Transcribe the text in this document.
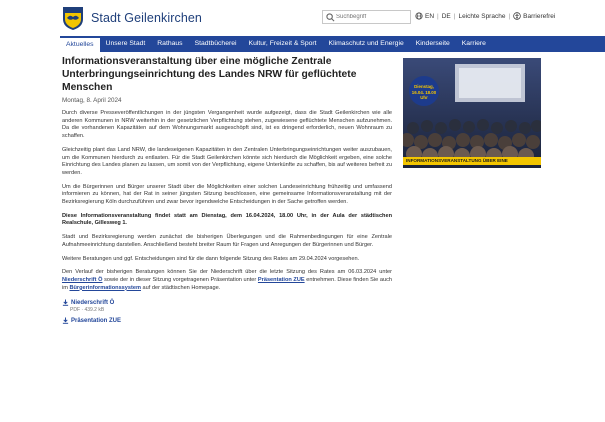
Stadt Geilenkirchen
Suchbegriff	EN | DE | Leichte Sprache | Barrierefrei
Aktuelles	Unsere Stadt	Rathaus	Stadtbücherei	Kultur, Freizeit & Sport	Klimaschutz und Energie	Kinderseite	Karriere
Informationsveranstaltung über eine mögliche Zentrale Unterbringungseinrichtung des Landes NRW für geflüchtete Menschen
Montag, 8. April 2024

Durch diverse Presseveröffentlichungen in der jüngsten Vergangenheit wurde aufgezeigt, dass die Stadt Geilenkirchen wie alle anderen Kommunen in NRW weiterhin in der gesetzlichen Verpflichtung stehen, zugewiesene geflüchtete Menschen aufzunehmen. Da die vorhandenen Kapazitäten auf dem Wohnungsmarkt ausgeschöpft sind, ist es dringend erforderlich, neuen Wohnraum zu schaffen.

Gleichzeitig plant das Land NRW, die landeseigenen Kapazitäten in den Zentralen Unterbringungseinrichtungen weiter auszubauen, um die Kommunen hierdurch zu entlasten. Für die Stadt Geilenkirchen könnte sich hierdurch die Möglichkeit ergeben, eine solche Einrichtung des Landes planen zu lassen, um somit von der Verpflichtung, eigene Unterkünfte zu schaffen, bis auf weiteres befreit zu werden.

Um die Bürgerinnen und Bürger unserer Stadt über die Möglichkeiten einer solchen Landeseinrichtung frühzeitig und umfassend informieren zu können, hat der Rat in seiner jüngsten Sitzung beschlossen, eine gemeinsame Informationsveranstaltung mit der Bezirksregierung Köln durchzuführen und zwar bevor irgendwelche Entscheidungen in der Sache getroffen werden.

Diese Informationsveranstaltung findet statt am Dienstag, dem 16.04.2024, 18.00 Uhr, in der Aula der städtischen Realschule, Gillesweg 1.

Stadt und Bezirksregierung werden zunächst die bisherigen Überlegungen und die Rahmenbedingungen für eine Zentrale Aufnahmeeinrichtung darstellen. Anschließend besteht breiter Raum für Fragen und Anregungen der Bürgerinnen und Bürger.

Weitere Beratungen und ggf. Entscheidungen sind für die dann folgende Sitzung des Rates am 29.04.2024 vorgesehen.

Den Verlauf der bisherigen Beratungen können Sie der Niederschrift über die letzte Sitzung des Rates am 06.03.2024 unter Niederschrift Ö sowie der in dieser Sitzung vorgetragenen Präsentation unter Präsentation ZUE entnehmen. Diese finden Sie auch im Bürgerinformationssystem auf der städtischen Homepage.

Niederschrift Ö
PDF · 439.2 kB
Präsentation ZUE
Dienstag, 16.04. 18.00 Uhr
INFORMATIONSVERANSTALTUNG ÜBER EINE
